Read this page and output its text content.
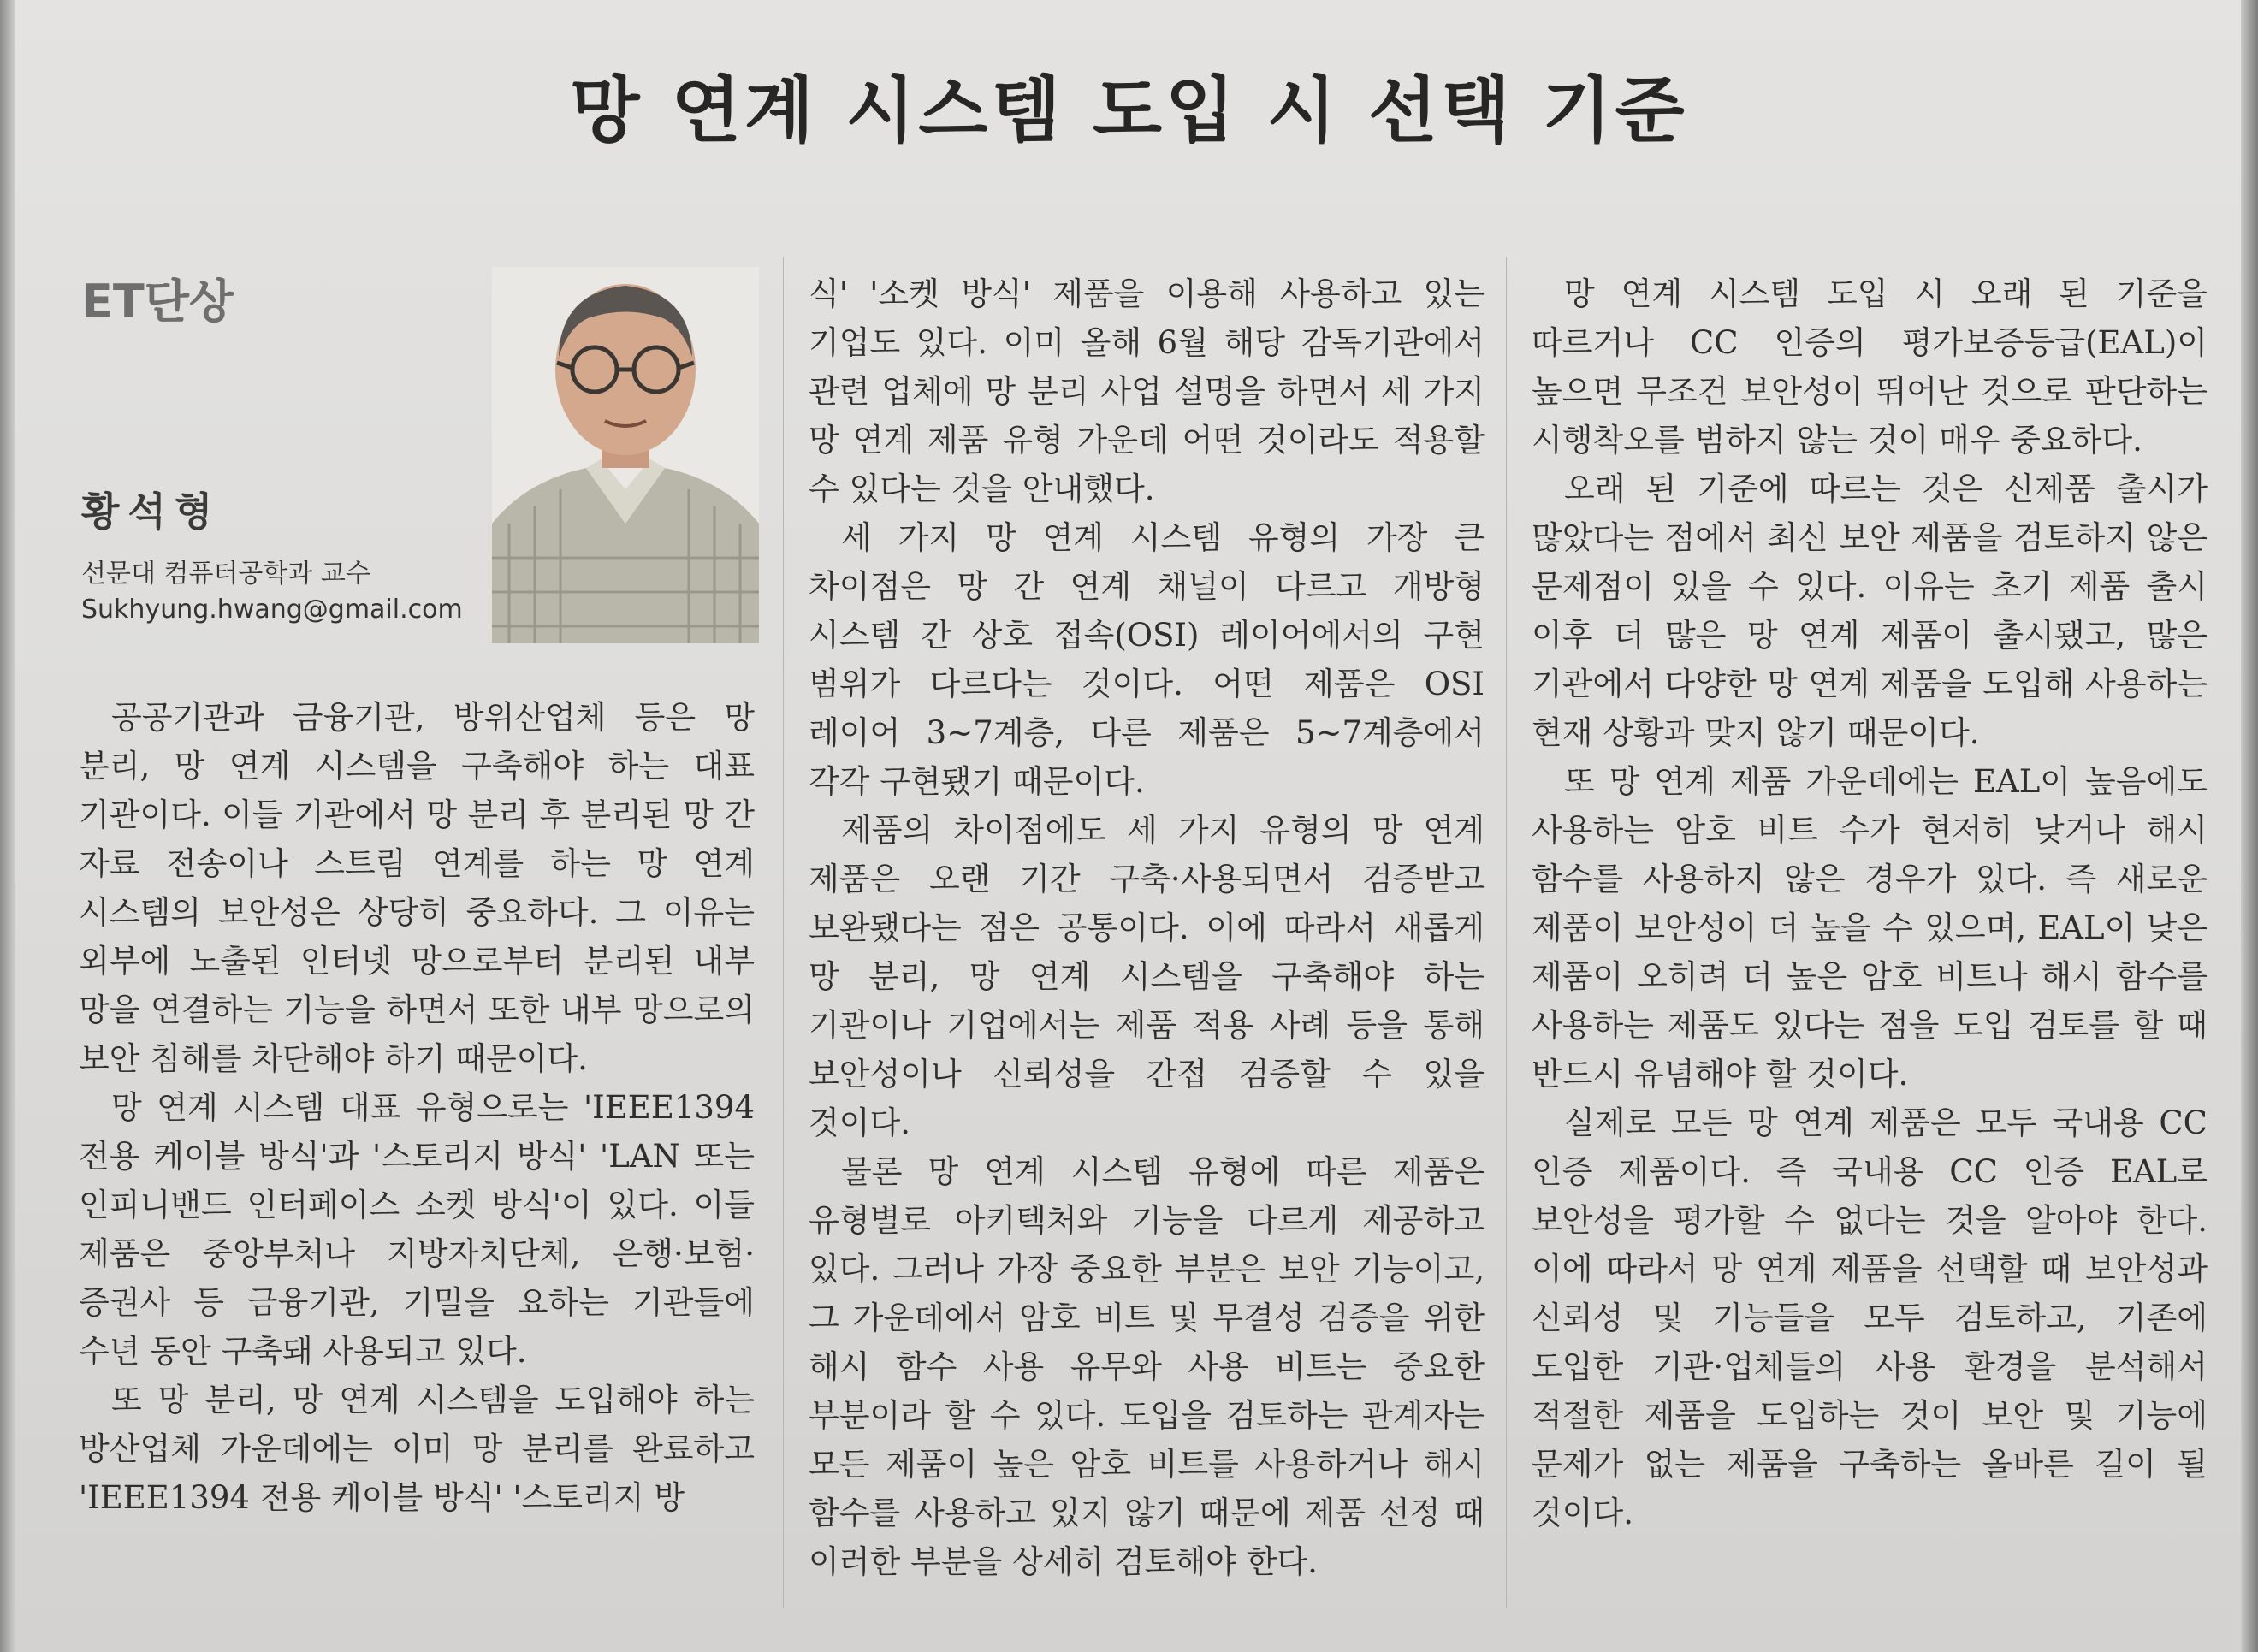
망 연계 시스템 도입 시 선택 기준
ET단상
황석형
선문대 컴퓨터공학과 교수
Sukhyung.hwang@gmail.com

공공기관과 금융기관, 방위산업체 등은 망 분리, 망 연계 시스템을 구축해야 하는 대표 기관이다. 이들 기관에서 망 분리 후 분리된 망 간 자료 전송이나 스트림 연계를 하는 망 연계 시스템의 보안성은 상당히 중요하다. 그 이유는 외부에 노출된 인터넷 망으로부터 분리된 내부 망을 연결하는 기능을 하면서 또한 내부 망으로의 보안 침해를 차단해야 하기 때문이다.

망 연계 시스템 대표 유형으로는 'IEEE1394 전용 케이블 방식'과 '스토리지 방식' 'LAN 또는 인피니밴드 인터페이스 소켓 방식'이 있다. 이들 제품은 중앙부처나 지방자치단체, 은행·보험·증권사 등 금융기관, 기밀을 요하는 기관들에 수년 동안 구축돼 사용되고 있다.

또 망 분리, 망 연계 시스템을 도입해야 하는 방산업체 가운데에는 이미 망 분리를 완료하고 'IEEE1394 전용 케이블 방식' '스토리지 방

식' '소켓 방식' 제품을 이용해 사용하고 있는 기업도 있다. 이미 올해 6월 해당 감독기관에서 관련 업체에 망 분리 사업 설명을 하면서 세 가지 망 연계 제품 유형 가운데 어떤 것이라도 적용할 수 있다는 것을 안내했다.

세 가지 망 연계 시스템 유형의 가장 큰 차이점은 망 간 연계 채널이 다르고 개방형 시스템 간 상호 접속(OSI) 레이어에서의 구현 범위가 다르다는 것이다. 어떤 제품은 OSI 레이어 3~7계층, 다른 제품은 5~7계층에서 각각 구현됐기 때문이다.

제품의 차이점에도 세 가지 유형의 망 연계 제품은 오랜 기간 구축·사용되면서 검증받고 보완됐다는 점은 공통이다. 이에 따라서 새롭게 망 분리, 망 연계 시스템을 구축해야 하는 기관이나 기업에서는 제품 적용 사례 등을 통해 보안성이나 신뢰성을 간접 검증할 수 있을 것이다.

물론 망 연계 시스템 유형에 따른 제품은 유형별로 아키텍처와 기능을 다르게 제공하고 있다. 그러나 가장 중요한 부분은 보안 기능이고, 그 가운데에서 암호 비트 및 무결성 검증을 위한 해시 함수 사용 유무와 사용 비트는 중요한 부분이라 할 수 있다. 도입을 검토하는 관계자는 모든 제품이 높은 암호 비트를 사용하거나 해시 함수를 사용하고 있지 않기 때문에 제품 선정 때 이러한 부분을 상세히 검토해야 한다.

망 연계 시스템 도입 시 오래 된 기준을 따르거나 CC 인증의 평가보증등급(EAL)이 높으면 무조건 보안성이 뛰어난 것으로 판단하는 시행착오를 범하지 않는 것이 매우 중요하다.

오래 된 기준에 따르는 것은 신제품 출시가 많았다는 점에서 최신 보안 제품을 검토하지 않은 문제점이 있을 수 있다. 이유는 초기 제품 출시 이후 더 많은 망 연계 제품이 출시됐고, 많은 기관에서 다양한 망 연계 제품을 도입해 사용하는 현재 상황과 맞지 않기 때문이다.

또 망 연계 제품 가운데에는 EAL이 높음에도 사용하는 암호 비트 수가 현저히 낮거나 해시 함수를 사용하지 않은 경우가 있다. 즉 새로운 제품이 보안성이 더 높을 수 있으며, EAL이 낮은 제품이 오히려 더 높은 암호 비트나 해시 함수를 사용하는 제품도 있다는 점을 도입 검토를 할 때 반드시 유념해야 할 것이다.

실제로 모든 망 연계 제품은 모두 국내용 CC 인증 제품이다. 즉 국내용 CC 인증 EAL로 보안성을 평가할 수 없다는 것을 알아야 한다. 이에 따라서 망 연계 제품을 선택할 때 보안성과 신뢰성 및 기능들을 모두 검토하고, 기존에 도입한 기관·업체들의 사용 환경을 분석해서 적절한 제품을 도입하는 것이 보안 및 기능에 문제가 없는 제품을 구축하는 올바른 길이 될 것이다.
